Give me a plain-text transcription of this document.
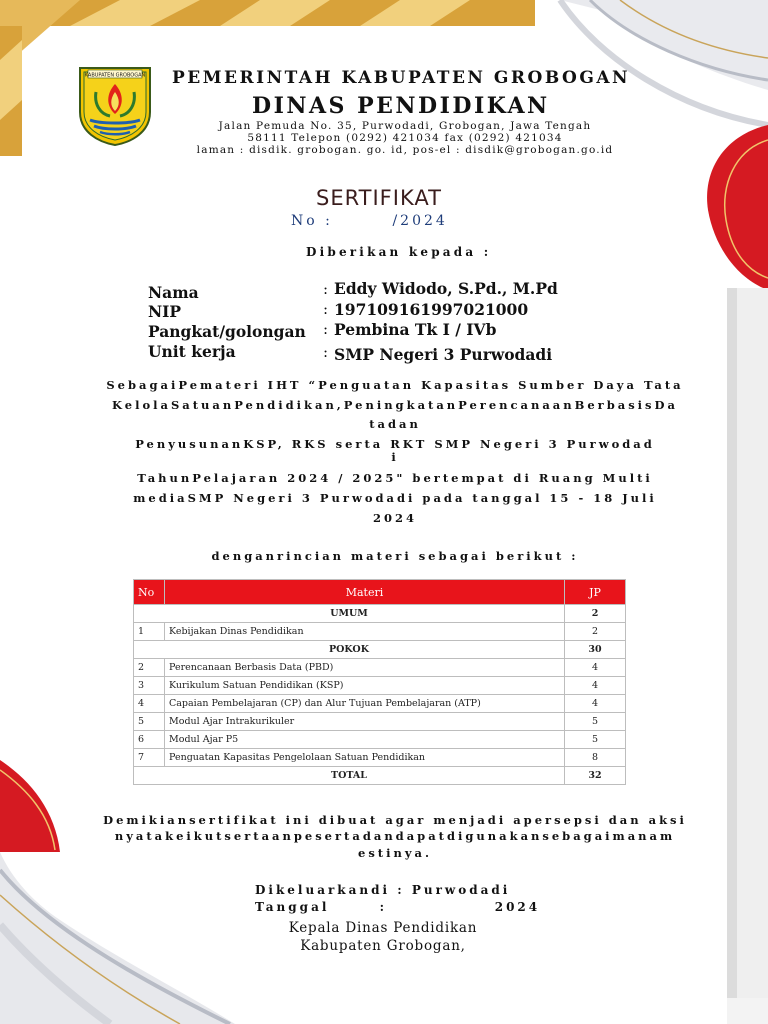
KABUPATEN GROBOGAN PEMERINTAH KABUPATEN GROBOGAN
DINAS PENDIDIKAN
Jalan Pemuda No. 35, Purwodadi, Grobogan, Jawa Tengah
58111 Telepon (0292) 421034 fax (0292) 421034
laman : disdik. grobogan. go. id, pos-el : disdik@grobogan.go.id
SERTIFIKAT
No :        /2024
Diberikan kepada :
Nama	: Eddy Widodo, S.Pd., M.Pd
NIP	: 197109161997021000
Pangkat/golongan : Pembina Tk I / IVb
Unit kerja	: SMP Negeri 3 Purwodadi
SebagaiPemateri IHT “Penguatan Kapasitas Sumber Daya Tata
KelolaSatuanPendidikan,PeningkatanPerencanaanBerbasisDa
tadan
PenyusunanKSP, RKS serta RKT SMP Negeri 3 Purwodad
i
TahunPelajaran 2024 / 2025" bertempat di Ruang Multi
mediaSMP Negeri 3 Purwodadi pada tanggal 15 - 18 Juli
2024
denganrincian materi sebagai berikut :
No	Materi	JP
UMUM		2
1	Kebijakan Dinas Pendidikan	2
POKOK		30
2	Perencanaan Berbasis Data (PBD)	4
3	Kurikulum Satuan Pendidikan (KSP)	4
4	Capaian Pembelajaran (CP) dan Alur Tujuan Pembelajaran (ATP)	4
5	Modul Ajar Intrakurikuler	5
6	Modul Ajar P5	5
7	Penguatan Kapasitas Pengelolaan Satuan Pendidikan	8
TOTAL		32
Demikiansertifikat ini dibuat agar menjadi apersepsi dan aksi
nyatakeikutsertaanpesertadandapatdigunakansebagaimanam
estinya.
Dikeluarkandi : Purwodadi
Tanggal       :               2024
Kepala Dinas Pendidikan
Kabupaten Grobogan,
